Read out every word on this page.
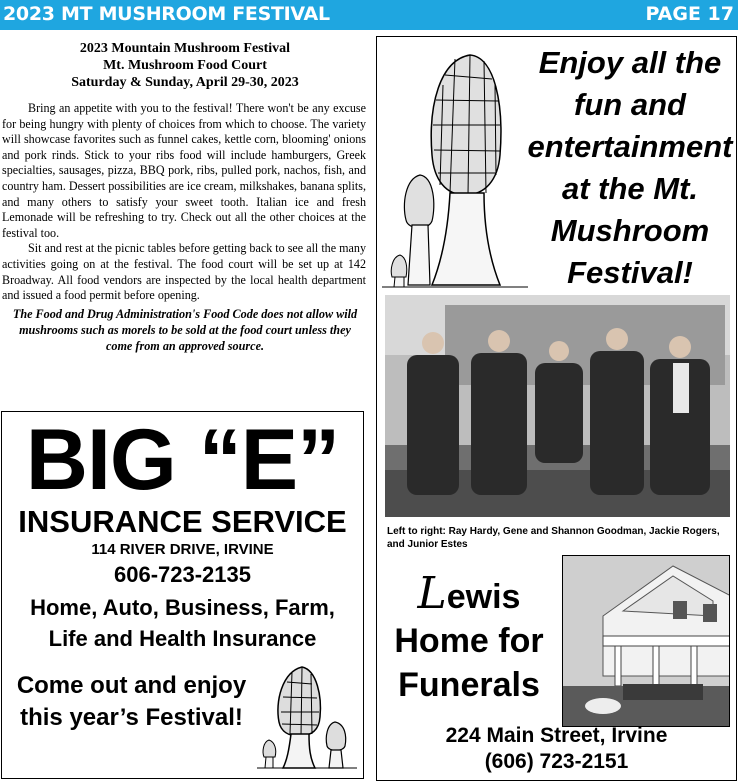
2023 MT MUSHROOM FESTIVAL	PAGE 17
2023 Mountain Mushroom Festival
Mt. Mushroom Food Court
Saturday & Sunday, April 29-30, 2023

Bring an appetite with you to the festival! There won't be any excuse for being hungry with plenty of choices from which to choose. The variety will showcase favorites such as funnel cakes, kettle corn, blooming' onions and pork rinds. Stick to your ribs food will include hamburgers, Greek specialties, sausages, pizza, BBQ pork, ribs, pulled pork, nachos, fish, and country ham. Dessert possibilities are ice cream, milkshakes, banana splits, and many others to satisfy your sweet tooth. Italian ice and fresh Lemonade will be refreshing to try. Check out all the other choices at the festival too.

Sit and rest at the picnic tables before getting back to see all the many activities going on at the festival. The food court will be set up at 142 Broadway. All food vendors are inspected by the local health department and issued a food permit before opening.

The Food and Drug Administration's Food Code does not allow wild mushrooms such as morels to be sold at the food court unless they come from an approved source.
BIG “E”
INSURANCE SERVICE
114 RIVER DRIVE, IRVINE
606-723-2135
Home, Auto, Business, Farm,
Life and Health Insurance
Come out and enjoy this year’s Festival!
Enjoy all the fun and entertainment at the Mt. Mushroom Festival!
Left to right: Ray Hardy, Gene and Shannon Goodman, Jackie Rogers, and Junior Estes
Lewis
Home for
Funerals
224 Main Street, Irvine
(606) 723-2151
